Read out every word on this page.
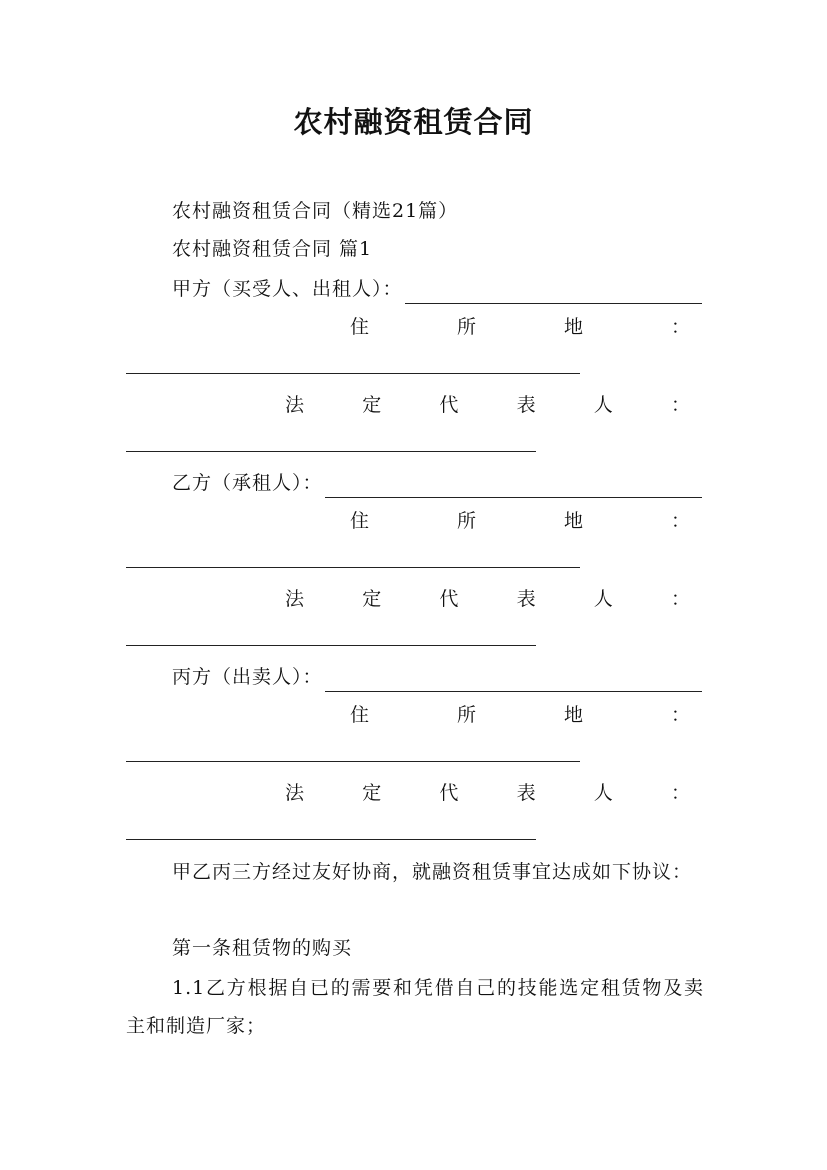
农村融资租赁合同
农村融资租赁合同（精选21篇）
农村融资租赁合同 篇1
甲方（买受人、出租人）：
住	所	地	：
法	定	代	表	人	：
乙方（承租人）：
住	所	地	：
法	定	代	表	人	：
丙方（出卖人）：
住	所	地	：
法	定	代	表	人	：
甲乙丙三方经过友好协商，就融资租赁事宜达成如下协议：
第一条租赁物的购买
1.1乙方根据自已的需要和凭借自己的技能选定租赁物及卖主和制造厂家；
